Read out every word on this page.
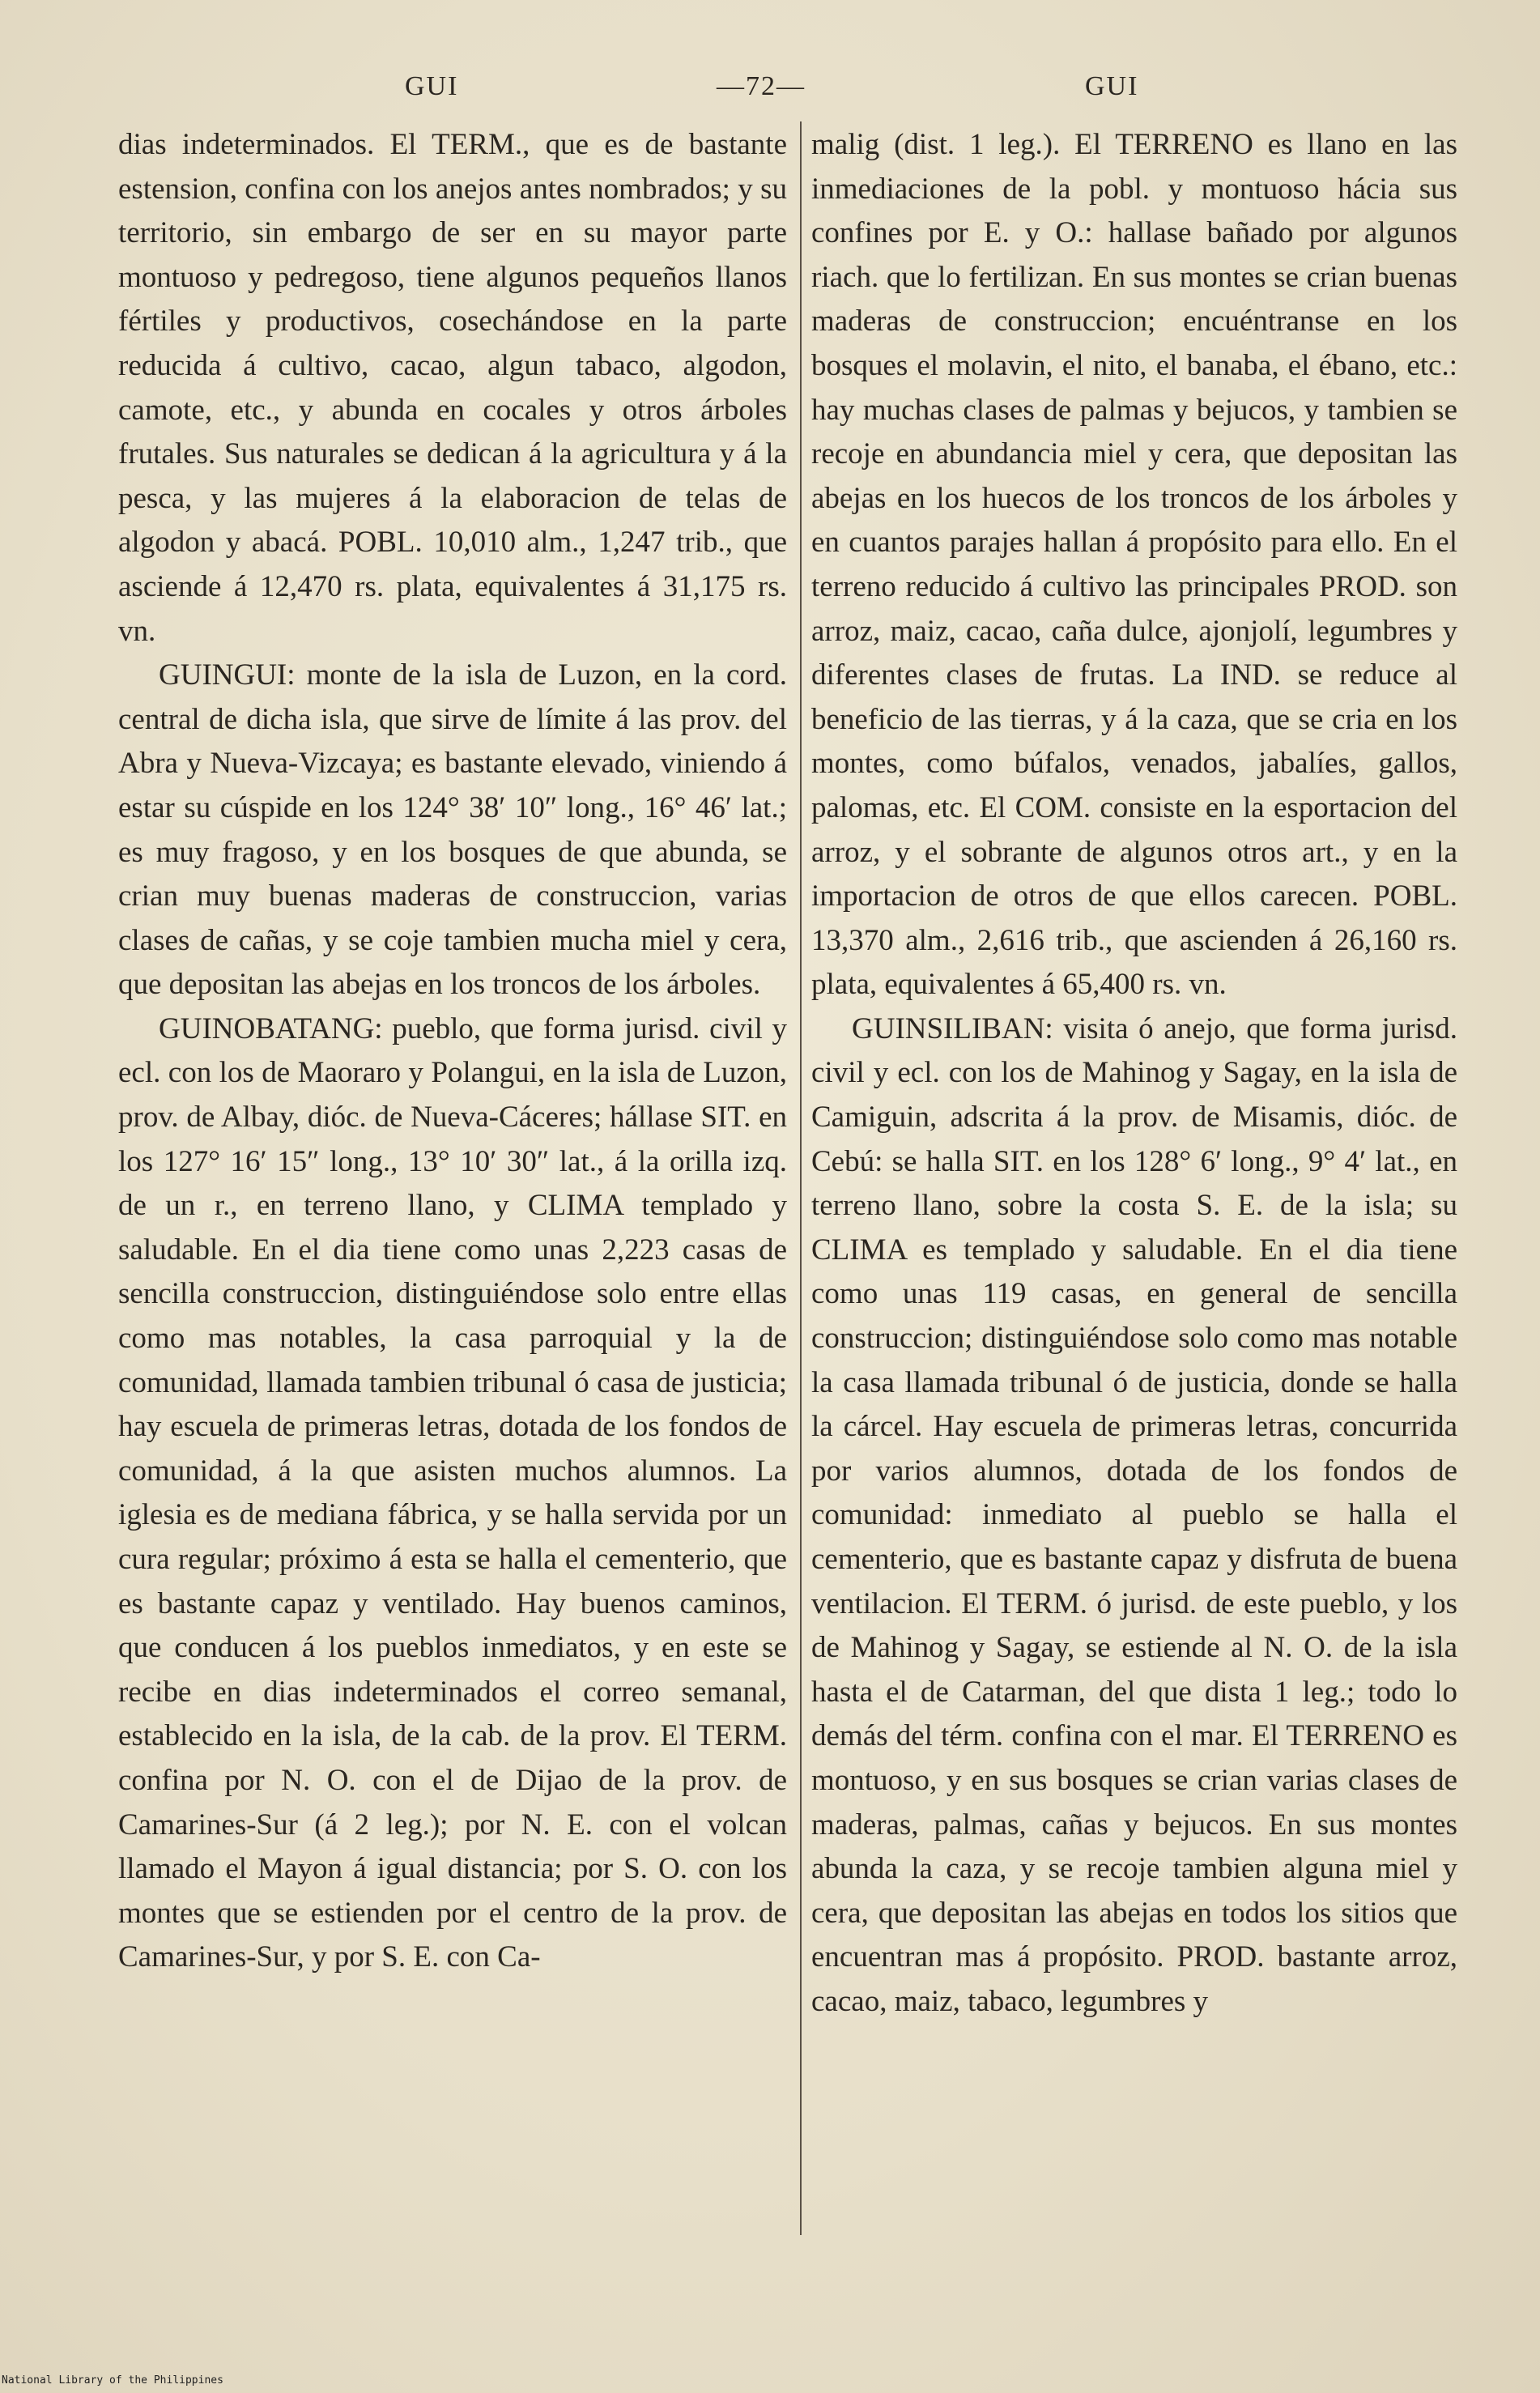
GUI	—72—	GUI

dias indeterminados. El TERM., que es de bastante estension, confina con los anejos antes nombrados; y su territorio, sin embargo de ser en su mayor parte montuoso y pedregoso, tiene algunos pequeños llanos fértiles y productivos, cosechándose en la parte reducida á cultivo, cacao, algun tabaco, algodon, camote, etc., y abunda en cocales y otros árboles frutales. Sus naturales se dedican á la agricultura y á la pesca, y las mujeres á la elaboracion de telas de algodon y abacá. POBL. 10,010 alm., 1,247 trib., que asciende á 12,470 rs. plata, equivalentes á 31,175 rs. vn.

GUINGUI: monte de la isla de Luzon, en la cord. central de dicha isla, que sirve de límite á las prov. del Abra y Nueva-Vizcaya; es bastante elevado, viniendo á estar su cúspide en los 124° 38′ 10″ long., 16° 46′ lat.; es muy fragoso, y en los bosques de que abunda, se crian muy buenas maderas de construccion, varias clases de cañas, y se coje tambien mucha miel y cera, que depositan las abejas en los troncos de los árboles.

GUINOBATANG: pueblo, que forma jurisd. civil y ecl. con los de Maoraro y Polangui, en la isla de Luzon, prov. de Albay, dióc. de Nueva-Cáceres; hállase SIT. en los 127° 16′ 15″ long., 13° 10′ 30″ lat., á la orilla izq. de un r., en terreno llano, y CLIMA templado y saludable. En el dia tiene como unas 2,223 casas de sencilla construccion, distinguiéndose solo entre ellas como mas notables, la casa parroquial y la de comunidad, llamada tambien tribunal ó casa de justicia; hay escuela de primeras letras, dotada de los fondos de comunidad, á la que asisten muchos alumnos. La iglesia es de mediana fábrica, y se halla servida por un cura regular; próximo á esta se halla el cementerio, que es bastante capaz y ventilado. Hay buenos caminos, que conducen á los pueblos inmediatos, y en este se recibe en dias indeterminados el correo semanal, establecido en la isla, de la cab. de la prov. El TERM. confina por N. O. con el de Dijao de la prov. de Camarines-Sur (á 2 leg.); por N. E. con el volcan llamado el Mayon á igual distancia; por S. O. con los montes que se estienden por el centro de la prov. de Camarines-Sur, y por S. E. con Ca-

malig (dist. 1 leg.). El TERRENO es llano en las inmediaciones de la pobl. y montuoso hácia sus confines por E. y O.: hallase bañado por algunos riach. que lo fertilizan. En sus montes se crian buenas maderas de construccion; encuéntranse en los bosques el molavin, el nito, el banaba, el ébano, etc.: hay muchas clases de palmas y bejucos, y tambien se recoje en abundancia miel y cera, que depositan las abejas en los huecos de los troncos de los árboles y en cuantos parajes hallan á propósito para ello. En el terreno reducido á cultivo las principales PROD. son arroz, maiz, cacao, caña dulce, ajonjolí, legumbres y diferentes clases de frutas. La IND. se reduce al beneficio de las tierras, y á la caza, que se cria en los montes, como búfalos, venados, jabalíes, gallos, palomas, etc. El COM. consiste en la esportacion del arroz, y el sobrante de algunos otros art., y en la importacion de otros de que ellos carecen. POBL. 13,370 alm., 2,616 trib., que ascienden á 26,160 rs. plata, equivalentes á 65,400 rs. vn.

GUINSILIBAN: visita ó anejo, que forma jurisd. civil y ecl. con los de Mahinog y Sagay, en la isla de Camiguin, adscrita á la prov. de Misamis, dióc. de Cebú: se halla SIT. en los 128° 6′ long., 9° 4′ lat., en terreno llano, sobre la costa S. E. de la isla; su CLIMA es templado y saludable. En el dia tiene como unas 119 casas, en general de sencilla construccion; distinguiéndose solo como mas notable la casa llamada tribunal ó de justicia, donde se halla la cárcel. Hay escuela de primeras letras, concurrida por varios alumnos, dotada de los fondos de comunidad: inmediato al pueblo se halla el cementerio, que es bastante capaz y disfruta de buena ventilacion. El TERM. ó jurisd. de este pueblo, y los de Mahinog y Sagay, se estiende al N. O. de la isla hasta el de Catarman, del que dista 1 leg.; todo lo demás del térm. confina con el mar. El TERRENO es montuoso, y en sus bosques se crian varias clases de maderas, palmas, cañas y bejucos. En sus montes abunda la caza, y se recoje tambien alguna miel y cera, que depositan las abejas en todos los sitios que encuentran mas á propósito. PROD. bastante arroz, cacao, maiz, tabaco, legumbres y

National Library of the Philippines
